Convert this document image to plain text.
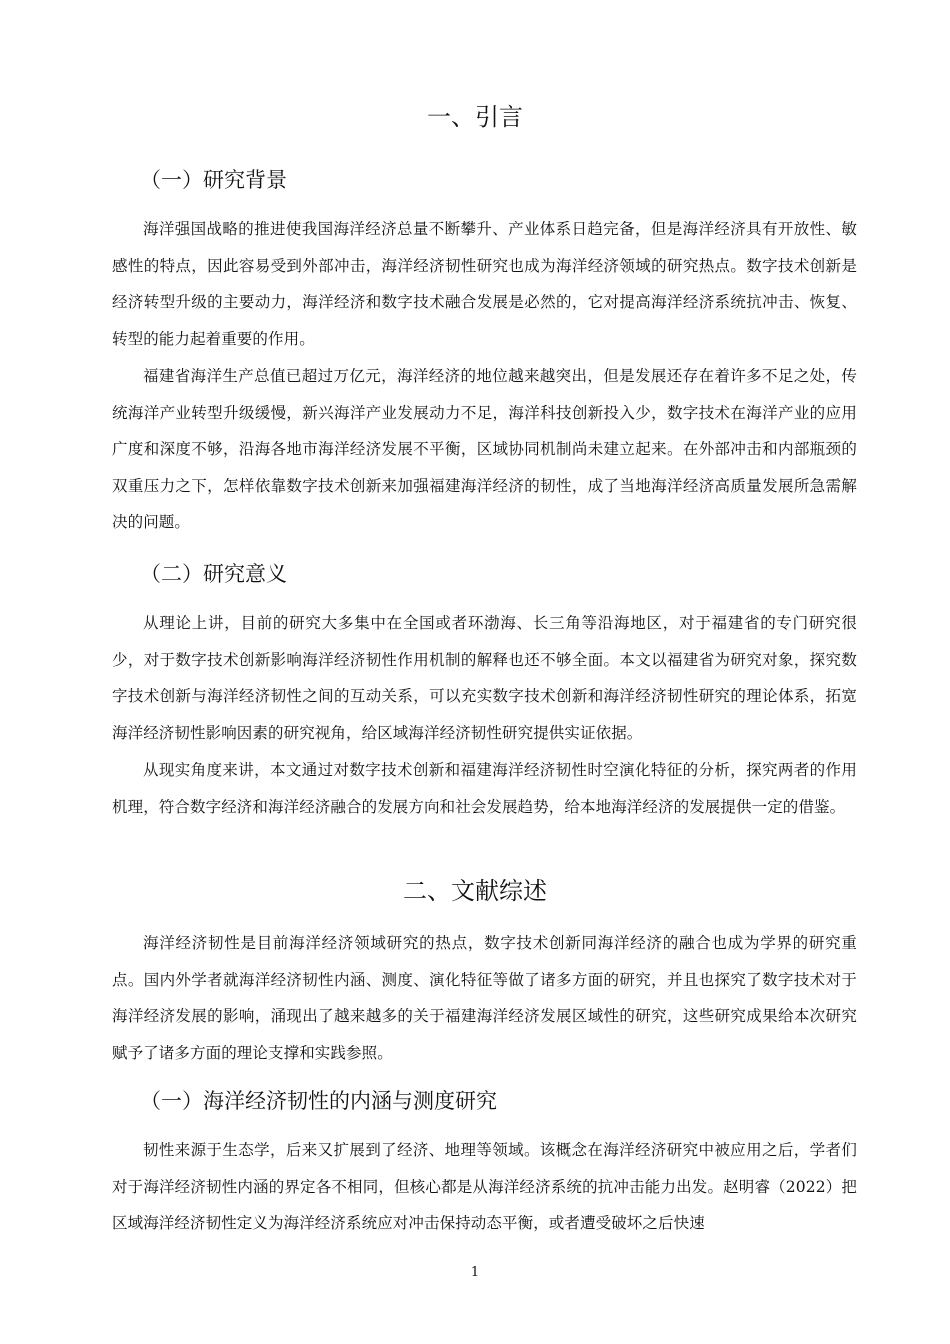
一、引言
（一）研究背景

海洋强国战略的推进使我国海洋经济总量不断攀升、产业体系日趋完备，但是海洋经济具有开放性、敏感性的特点，因此容易受到外部冲击，海洋经济韧性研究也成为海洋经济领域的研究热点。数字技术创新是经济转型升级的主要动力，海洋经济和数字技术融合发展是必然的，它对提高海洋经济系统抗冲击、恢复、转型的能力起着重要的作用。

福建省海洋生产总值已超过万亿元，海洋经济的地位越来越突出，但是发展还存在着许多不足之处，传统海洋产业转型升级缓慢，新兴海洋产业发展动力不足，海洋科技创新投入少，数字技术在海洋产业的应用广度和深度不够，沿海各地市海洋经济发展不平衡，区域协同机制尚未建立起来。在外部冲击和内部瓶颈的双重压力之下，怎样依靠数字技术创新来加强福建海洋经济的韧性，成了当地海洋经济高质量发展所急需解决的问题。

（二）研究意义

从理论上讲，目前的研究大多集中在全国或者环渤海、长三角等沿海地区，对于福建省的专门研究很少，对于数字技术创新影响海洋经济韧性作用机制的解释也还不够全面。本文以福建省为研究对象，探究数字技术创新与海洋经济韧性之间的互动关系，可以充实数字技术创新和海洋经济韧性研究的理论体系，拓宽海洋经济韧性影响因素的研究视角，给区域海洋经济韧性研究提供实证依据。

从现实角度来讲，本文通过对数字技术创新和福建海洋经济韧性时空演化特征的分析，探究两者的作用机理，符合数字经济和海洋经济融合的发展方向和社会发展趋势，给本地海洋经济的发展提供一定的借鉴。

二、文献综述

海洋经济韧性是目前海洋经济领域研究的热点，数字技术创新同海洋经济的融合也成为学界的研究重点。国内外学者就海洋经济韧性内涵、测度、演化特征等做了诸多方面的研究，并且也探究了数字技术对于海洋经济发展的影响，涌现出了越来越多的关于福建海洋经济发展区域性的研究，这些研究成果给本次研究赋予了诸多方面的理论支撑和实践参照。

（一）海洋经济韧性的内涵与测度研究

韧性来源于生态学，后来又扩展到了经济、地理等领域。该概念在海洋经济研究中被应用之后，学者们对于海洋经济韧性内涵的界定各不相同，但核心都是从海洋经济系统的抗冲击能力出发。赵明睿（2022）把区域海洋经济韧性定义为海洋经济系统应对冲击保持动态平衡，或者遭受破坏之后快速

1
